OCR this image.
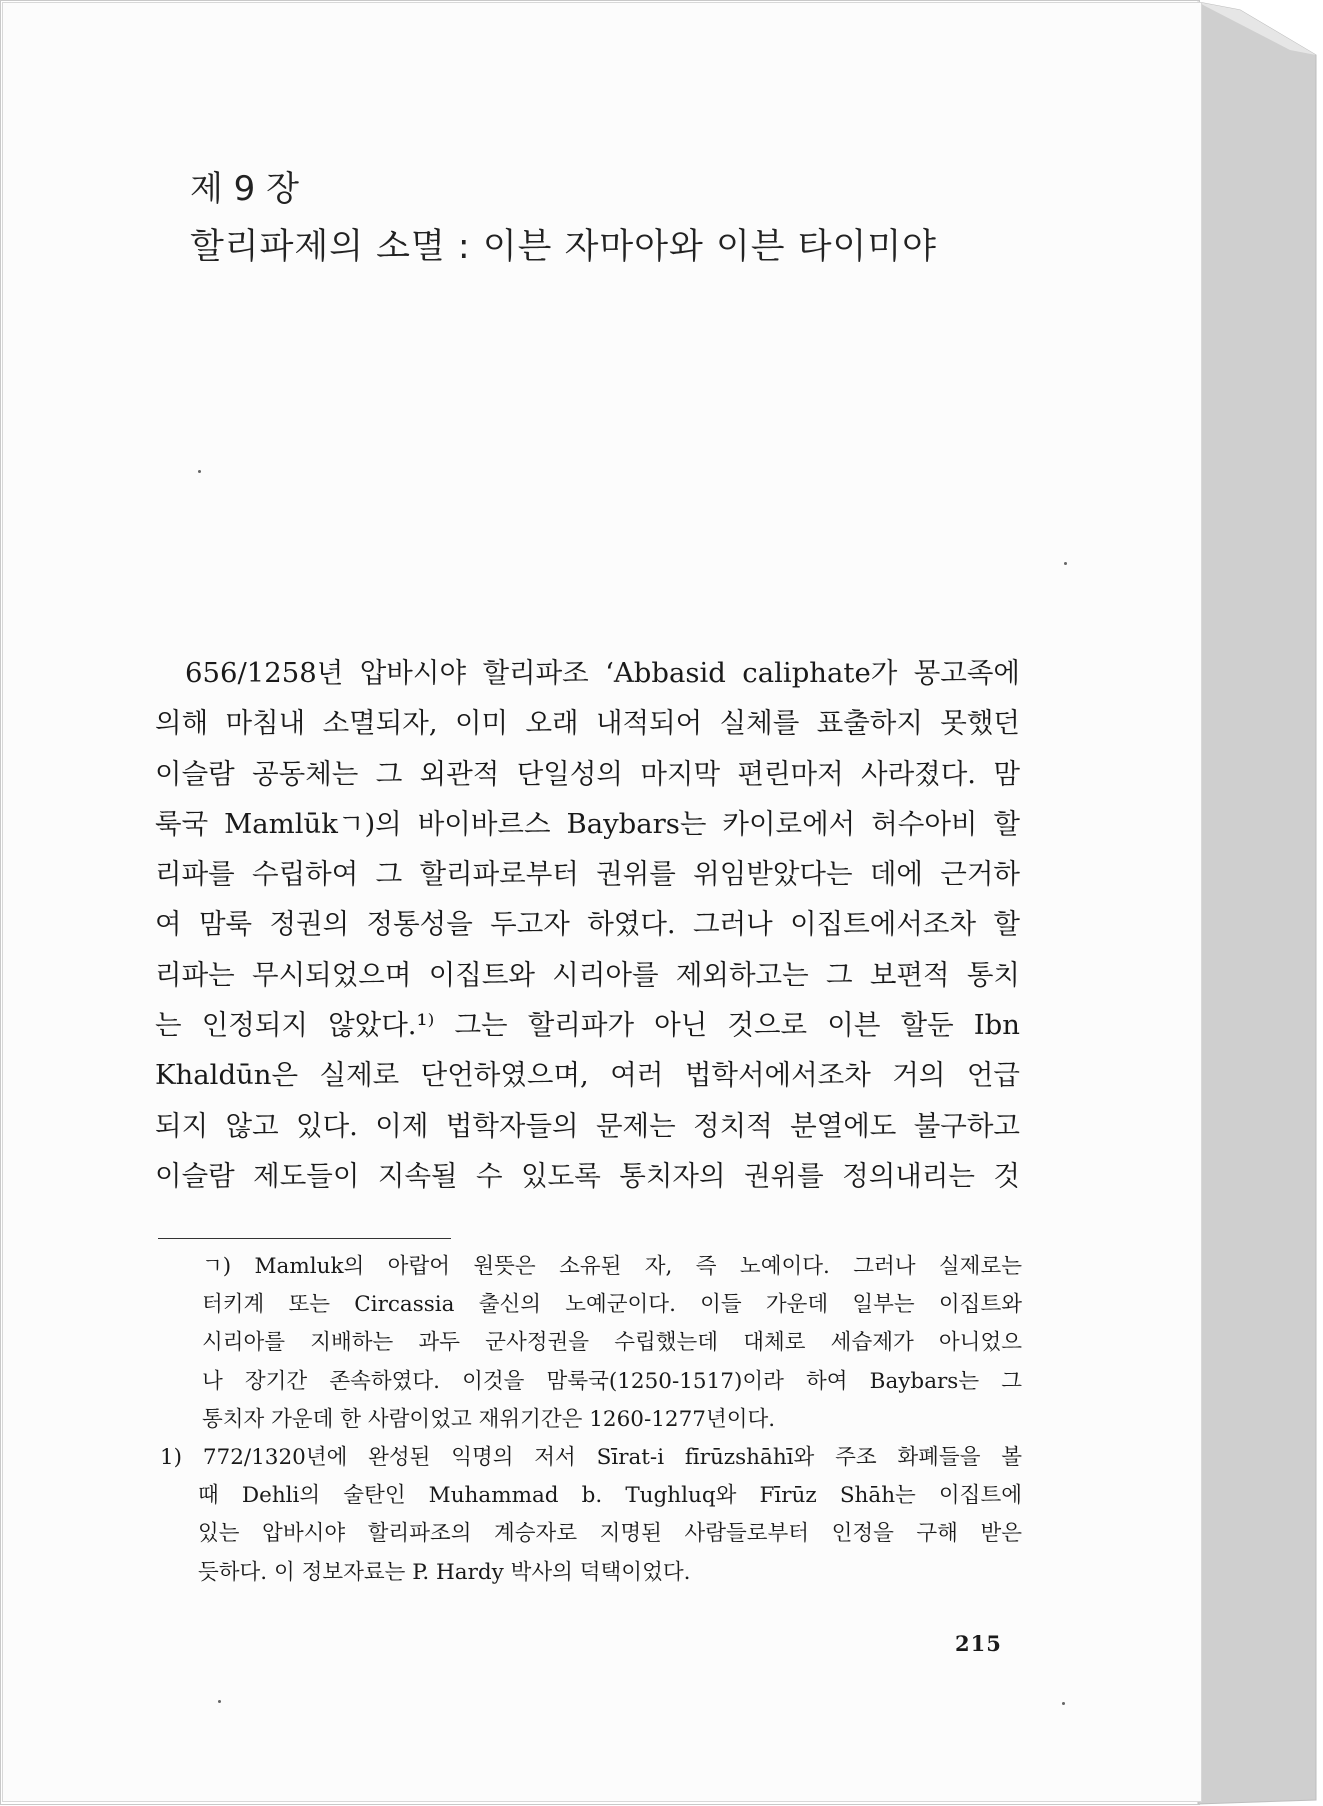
제 9 장
할리파제의 소멸 : 이븐 자마아와 이븐 타이미야
656/1258년 압바시야 할리파조 ‘Abbasid caliphate가 몽고족에
의해 마침내 소멸되자, 이미 오래 내적되어 실체를 표출하지 못했던
이슬람 공동체는 그 외관적 단일성의 마지막 편린마저 사라졌다. 맘
룩국 Mamlūkㄱ)의 바이바르스 Baybars는 카이로에서 허수아비 할
리파를 수립하여 그 할리파로부터 권위를 위임받았다는 데에 근거하
여 맘룩 정권의 정통성을 두고자 하였다. 그러나 이집트에서조차 할
리파는 무시되었으며 이집트와 시리아를 제외하고는 그 보편적 통치
는 인정되지 않았다.¹⁾ 그는 할리파가 아닌 것으로 이븐 할둔 Ibn
Khaldūn은 실제로 단언하였으며, 여러 법학서에서조차 거의 언급
되지 않고 있다. 이제 법학자들의 문제는 정치적 분열에도 불구하고
이슬람 제도들이 지속될 수 있도록 통치자의 권위를 정의내리는 것
ㄱ) Mamluk의 아랍어 원뜻은 소유된 자, 즉 노예이다. 그러나 실제로는
터키계 또는 Circassia 출신의 노예군이다. 이들 가운데 일부는 이집트와
시리아를 지배하는 과두 군사정권을 수립했는데 대체로 세습제가 아니었으
나 장기간 존속하였다. 이것을 맘룩국(1250-1517)이라 하여 Baybars는 그
통치자 가운데 한 사람이었고 재위기간은 1260-1277년이다.
1) 772/1320년에 완성된 익명의 저서 Sīrat-i fīrūzshāhī와 주조 화폐들을 볼
때 Dehli의 술탄인 Muhammad b. Tughluq와 Fīrūz Shāh는 이집트에
있는 압바시야 할리파조의 계승자로 지명된 사람들로부터 인정을 구해 받은
듯하다. 이 정보자료는 P. Hardy 박사의 덕택이었다.
215
